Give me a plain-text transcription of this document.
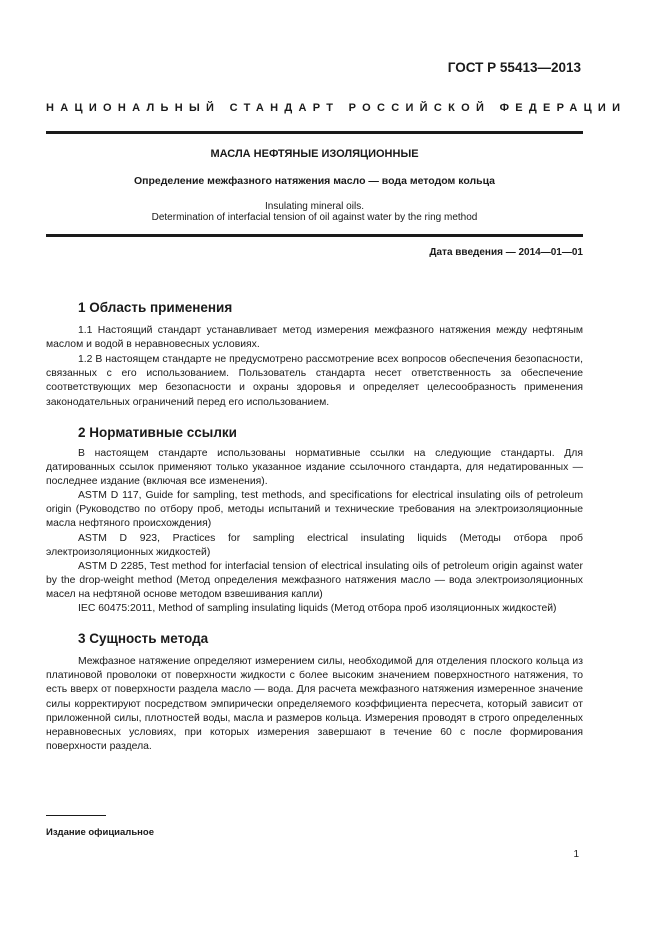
ГОСТ Р 55413—2013
НАЦИОНАЛЬНЫЙ СТАНДАРТ РОССИЙСКОЙ ФЕДЕРАЦИИ
МАСЛА НЕФТЯНЫЕ ИЗОЛЯЦИОННЫЕ
Определение межфазного натяжения масло — вода методом кольца
Insulating mineral oils.
Determination of interfacial tension of oil against water by the ring method
Дата введения — 2014—01—01
1 Область применения
1.1 Настоящий стандарт устанавливает метод измерения межфазного натяжения между нефтяным маслом и водой в неравновесных условиях.
1.2 В настоящем стандарте не предусмотрено рассмотрение всех вопросов обеспечения безопасности, связанных с его использованием. Пользователь стандарта несет ответственность за обеспечение соответствующих мер безопасности и охраны здоровья и определяет целесообразность применения законодательных ограничений перед его использованием.
2 Нормативные ссылки
В настоящем стандарте использованы нормативные ссылки на следующие стандарты. Для датированных ссылок применяют только указанное издание ссылочного стандарта, для недатированных — последнее издание (включая все изменения).
ASTM D 117, Guide for sampling, test methods, and specifications for electrical insulating oils of petroleum origin (Руководство по отбору проб, методы испытаний и технические требования на электроизоляционные масла нефтяного происхождения)
ASTM D 923, Practices for sampling electrical insulating liquids (Методы отбора проб электроизоляционных жидкостей)
ASTM D 2285, Test method for interfacial tension of electrical insulating oils of petroleum origin against water by the drop-weight method (Метод определения межфазного натяжения масло — вода электроизоляционных масел на нефтяной основе методом взвешивания капли)
IEC 60475:2011, Method of sampling insulating liquids (Метод отбора проб изоляционных жидкостей)
3 Сущность метода
Межфазное натяжение определяют измерением силы, необходимой для отделения плоского кольца из платиновой проволоки от поверхности жидкости с более высоким значением поверхностного натяжения, то есть вверх от поверхности раздела масло — вода. Для расчета межфазного натяжения измеренное значение силы корректируют посредством эмпирически определяемого коэффициента пересчета, который зависит от приложенной силы, плотностей воды, масла и размеров кольца. Измерения проводят в строго определенных неравновесных условиях, при которых измерения завершают в течение 60 с после формирования поверхности раздела.
Издание официальное
1
